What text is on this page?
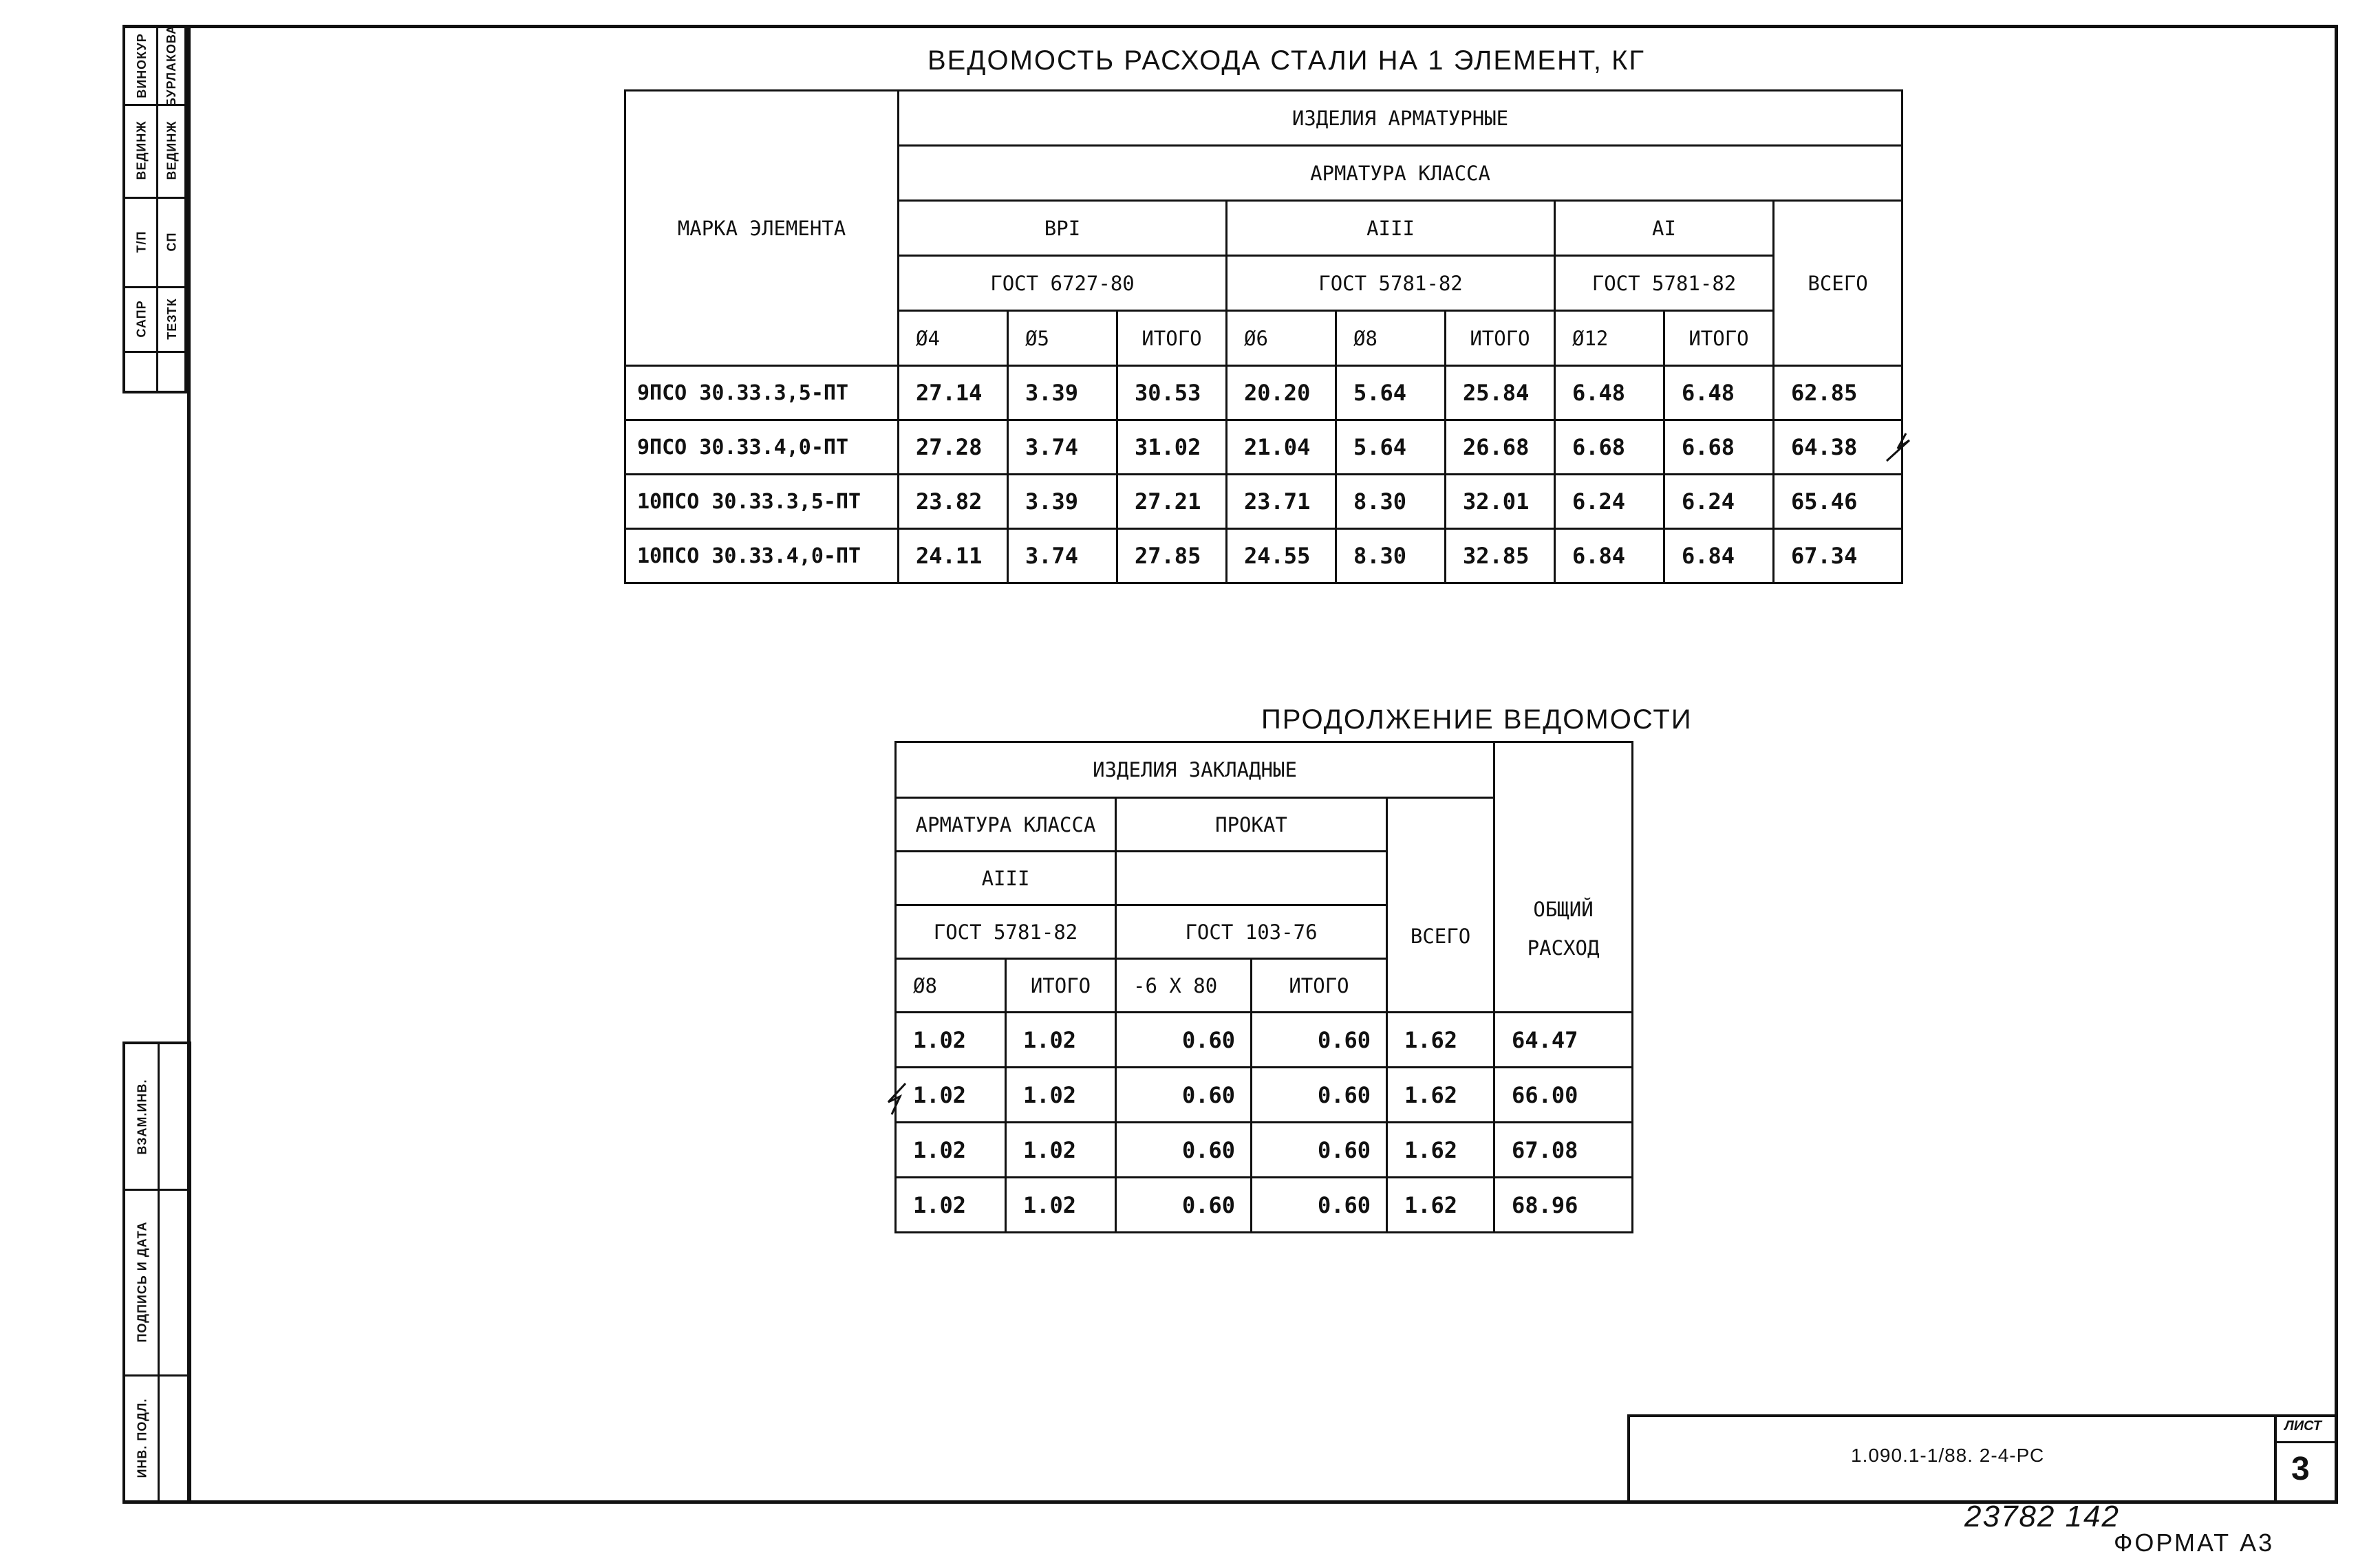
САПР
Т/П
ВЕДИНЖ
ВИНОКУР
ТЕЗТК
СП
ВЕДИНЖ
БУРЛАКОВА
ВЗАМ.ИНВ.
ПОДПИСЬ И ДАТА
ИНВ. ПОДЛ.
ВЕДОМОСТЬ РАСХОДА СТАЛИ НА 1 ЭЛЕМЕНТ, КГ
МАРКА ЭЛЕМЕНТА	ИЗДЕЛИЯ АРМАТУРНЫЕ								
	АРМАТУРА КЛАССА								
	ВРI			АIII			АI		ВСЕГО
	ГОСТ 6727-80			ГОСТ 5781-82			ГОСТ 5781-82		
	Ø4	Ø5	ИТОГО	Ø6	Ø8	ИТОГО	Ø12	ИТОГО	
9ПСО 30.33.3,5-ПТ	27.14	3.39	30.53	20.20	5.64	25.84	6.48	6.48	62.85
9ПСО 30.33.4,0-ПТ	27.28	3.74	31.02	21.04	5.64	26.68	6.68	6.68	64.38
10ПСО 30.33.3,5-ПТ	23.82	3.39	27.21	23.71	8.30	32.01	6.24	6.24	65.46
10ПСО 30.33.4,0-ПТ	24.11	3.74	27.85	24.55	8.30	32.85	6.84	6.84	67.34
ПРОДОЛЖЕНИЕ ВЕДОМОСТИ
ИЗДЕЛИЯ ЗАКЛАДНЫЕ					ОБЩИЙ
РАСХОД

АРМАТУРА КЛАССА		ПРОКАТ		ВСЕГО	
АIII					
ГОСТ 5781-82		ГОСТ 103-76			
Ø8	ИТОГО	-6 Х 80	ИТОГО		
1.02	1.02	0.60	0.60	1.62	64.47
1.02	1.02	0.60	0.60	1.62	66.00
1.02	1.02	0.60	0.60	1.62	67.08
1.02	1.02	0.60	0.60	1.62	68.96
1.090.1-1/88. 2-4-РС
ЛИСТ
3
23782 142
ФОРМАТ А3
